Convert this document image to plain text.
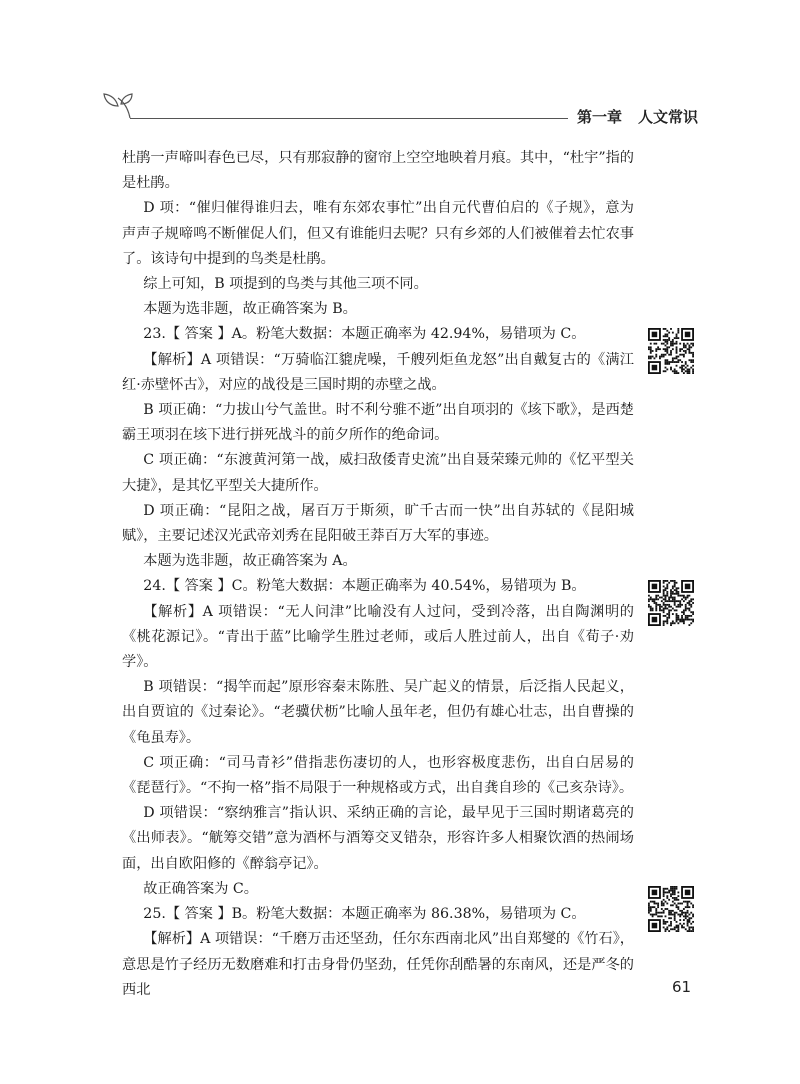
第一章 人文常识

杜鹃一声啼叫春色已尽，只有那寂静的窗帘上空空地映着月痕。其中，“杜宇”指的是杜鹃。

D 项：“催归催得谁归去，唯有东郊农事忙”出自元代曹伯启的《子规》，意为声声子规啼鸣不断催促人们，但又有谁能归去呢？只有乡郊的人们被催着去忙农事了。该诗句中提到的鸟类是杜鹃。

综上可知，B 项提到的鸟类与其他三项不同。

本题为选非题，故正确答案为 B。

23.【 答案 】A。粉笔大数据：本题正确率为 42.94%，易错项为 C。

【解析】A 项错误：“万骑临江貔虎噪，千艘列炬鱼龙怒”出自戴复古的《满江红·赤壁怀古》，对应的战役是三国时期的赤壁之战。

B 项正确：“力拔山兮气盖世。时不利兮骓不逝”出自项羽的《垓下歌》，是西楚霸王项羽在垓下进行拼死战斗的前夕所作的绝命词。

C 项正确：“东渡黄河第一战，威扫敌倭青史流”出自聂荣臻元帅的《忆平型关大捷》，是其忆平型关大捷所作。

D 项正确：“昆阳之战，屠百万于斯须，旷千古而一快”出自苏轼的《昆阳城赋》，主要记述汉光武帝刘秀在昆阳破王莽百万大军的事迹。

本题为选非题，故正确答案为 A。

24.【 答案 】C。粉笔大数据：本题正确率为 40.54%，易错项为 B。

【解析】A 项错误：“无人问津”比喻没有人过问，受到冷落，出自陶渊明的《桃花源记》。“青出于蓝”比喻学生胜过老师，或后人胜过前人，出自《荀子·劝学》。

B 项错误：“揭竿而起”原形容秦末陈胜、吴广起义的情景，后泛指人民起义，出自贾谊的《过秦论》。“老骥伏枥”比喻人虽年老，但仍有雄心壮志，出自曹操的《龟虽寿》。

C 项正确：“司马青衫”借指悲伤凄切的人，也形容极度悲伤，出自白居易的《琵琶行》。“不拘一格”指不局限于一种规格或方式，出自龚自珍的《己亥杂诗》。

D 项错误：“察纳雅言”指认识、采纳正确的言论，最早见于三国时期诸葛亮的《出师表》。“觥筹交错”意为酒杯与酒筹交叉错杂，形容许多人相聚饮酒的热闹场面，出自欧阳修的《醉翁亭记》。

故正确答案为 C。

25.【 答案 】B。粉笔大数据：本题正确率为 86.38%，易错项为 C。

【解析】A 项错误：“千磨万击还坚劲，任尔东西南北风”出自郑燮的《竹石》，意思是竹子经历无数磨难和打击身骨仍坚劲，任凭你刮酷暑的东南风，还是严冬的西北	61
